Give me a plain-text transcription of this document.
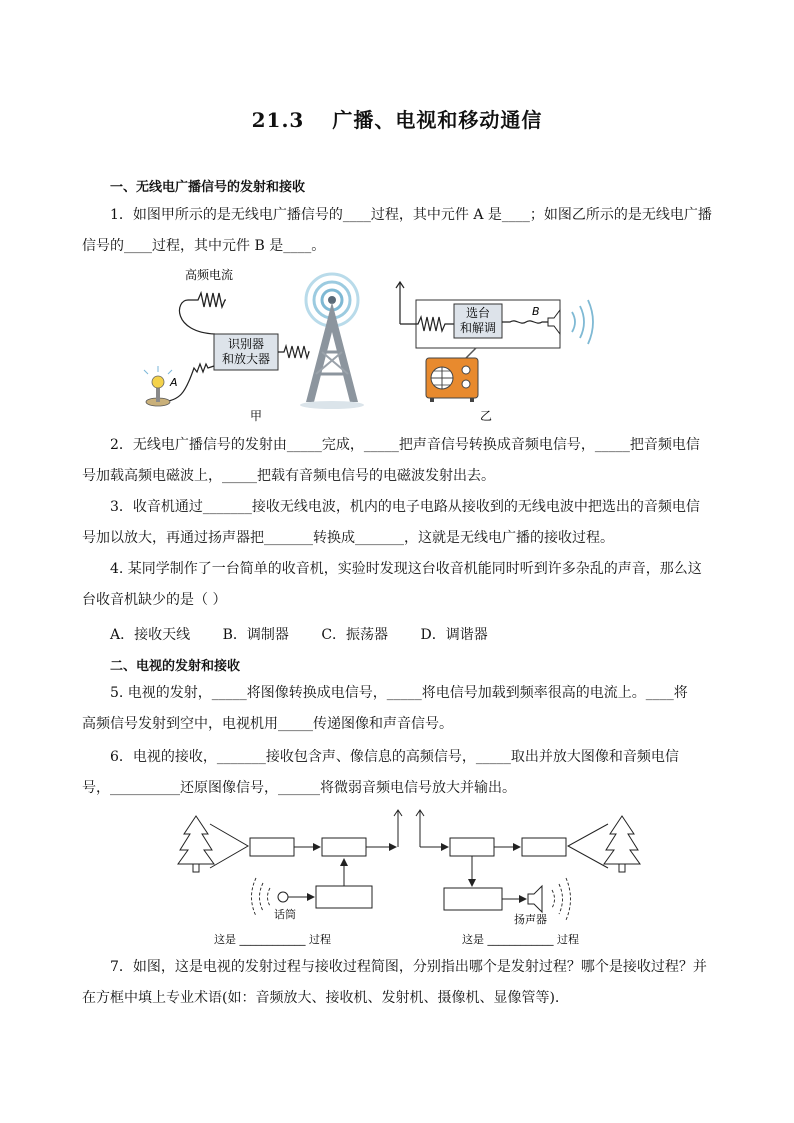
21.3 广播、电视和移动通信
一、无线电广播信号的发射和接收
1．如图甲所示的是无线电广播信号的____过程，其中元件 A 是____；如图乙所示的是无线电广播
信号的____过程，其中元件 B 是____。
高频电流
识别器
和放大器
A
甲
选台
和解调
B
乙
2．无线电广播信号的发射由_____完成，_____把声音信号转换成音频电信号，_____把音频电信
号加载高频电磁波上，_____把载有音频电信号的电磁波发射出去。
3．收音机通过_______接收无线电波，机内的电子电路从接收到的无线电波中把选出的音频电信
号加以放大，再通过扬声器把_______转换成_______，这就是无线电广播的接收过程。
4. 某同学制作了一台简单的收音机，实验时发现这台收音机能同时听到许多杂乱的声音，那么这
台收音机缺少的是（ ）
A．接收天线 B．调制器 C．振荡器 D．调谐器
二、电视的发射和接收
5. 电视的发射，_____将图像转换成电信号，_____将电信号加载到频率很高的电流上。____将
高频信号发射到空中，电视机用_____传递图像和声音信号。
6．电视的接收，_______接收包含声、像信息的高频信号，_____取出并放大图像和音频电信
号，__________还原图像信号，______将微弱音频电信号放大并输出。
话筒
这是 ____________ 过程
扬声器
这是 ____________ 过程
7．如图，这是电视的发射过程与接收过程简图，分别指出哪个是发射过程？哪个是接收过程？并
在方框中填上专业术语(如：音频放大、接收机、发射机、摄像机、显像管等).
